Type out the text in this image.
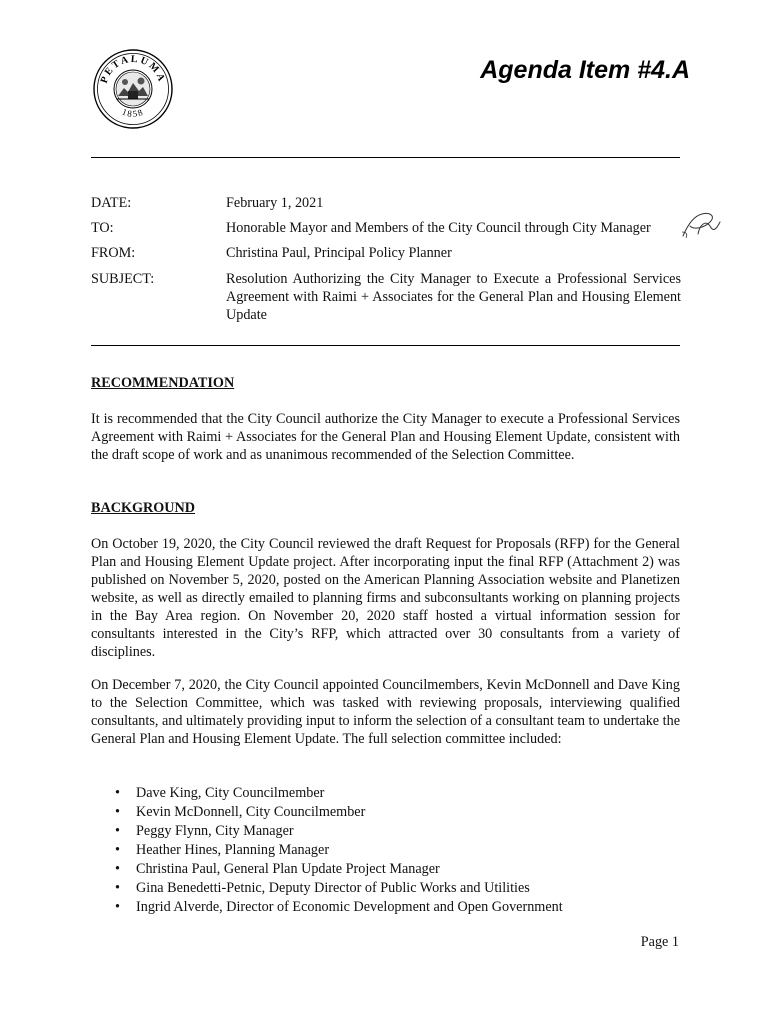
PETALUMA
1858
Agenda Item #4.A
DATE:	February 1, 2021
TO:	Honorable Mayor and Members of the City Council through City Manager
FROM:	Christina Paul, Principal Policy Planner
SUBJECT:	Resolution Authorizing the City Manager to Execute a Professional Services Agreement with Raimi + Associates for the General Plan and Housing Element Update
RECOMMENDATION

It is recommended that the City Council authorize the City Manager to execute a Professional Services Agreement with Raimi + Associates for the General Plan and Housing Element Update, consistent with the draft scope of work and as unanimous recommended of the Selection Committee.

BACKGROUND

On October 19, 2020, the City Council reviewed the draft Request for Proposals (RFP) for the General Plan and Housing Element Update project. After incorporating input the final RFP (Attachment 2) was published on November 5, 2020, posted on the American Planning Association website and Planetizen website, as well as directly emailed to planning firms and subconsultants working on planning projects in the Bay Area region. On November 20, 2020 staff hosted a virtual information session for consultants interested in the City’s RFP, which attracted over 30 consultants from a variety of disciplines.

On December 7, 2020, the City Council appointed Councilmembers, Kevin McDonnell and Dave King to the Selection Committee, which was tasked with reviewing proposals, interviewing qualified consultants, and ultimately providing input to inform the selection of a consultant team to undertake the General Plan and Housing Element Update. The full selection committee included:

• Dave King, City Councilmember
• Kevin McDonnell, City Councilmember
• Peggy Flynn, City Manager
• Heather Hines, Planning Manager
• Christina Paul, General Plan Update Project Manager
• Gina Benedetti-Petnic, Deputy Director of Public Works and Utilities
• Ingrid Alverde, Director of Economic Development and Open Government
Page 1
